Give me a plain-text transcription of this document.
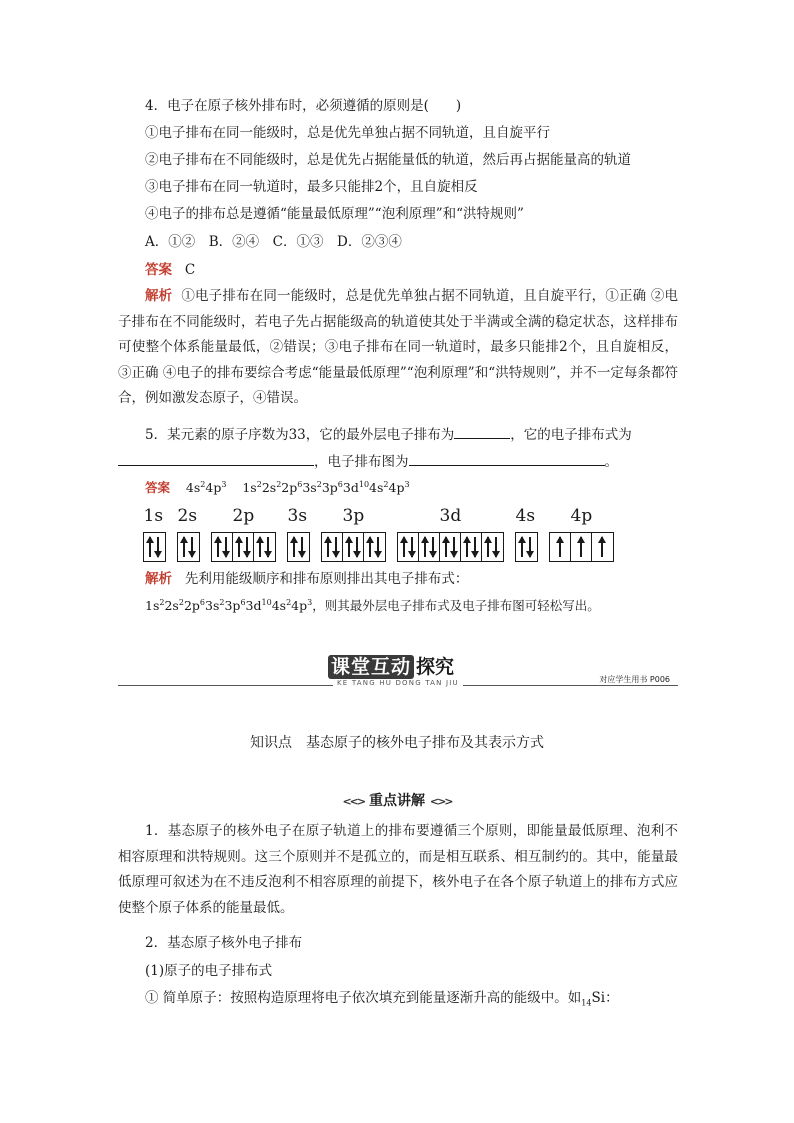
4．电子在原子核外排布时，必须遵循的原则是(　　)
①电子排布在同一能级时，总是优先单独占据不同轨道，且自旋平行
②电子排布在不同能级时，总是优先占据能量低的轨道，然后再占据能量高的轨道
③电子排布在同一轨道时，最多只能排2个，且自旋相反
④电子的排布总是遵循“能量最低原理”“泡利原理”和“洪特规则”
A．①②　B．②④　C．①③　D．②③④
答案 C
解析 ①电子排布在同一能级时，总是优先单独占据不同轨道，且自旋平行，①正确 ②电子排布在不同能级时，若电子先占据能级高的轨道使其处于半满或全满的稳定状态，这样排布可使整个体系能量最低，②错误；③电子排布在同一轨道时，最多只能排2个，且自旋相反，③正确 ④电子的排布要综合考虑“能量最低原理”“泡利原理”和“洪特规则”，并不一定每条都符合，例如激发态原子，④错误。
5．某元素的原子序数为33，它的最外层电子排布为	，它的电子排布式为
，电子排布图为	。
答案 $4s^24p^3$ $1s^22s^22p^63s^23p^63d^{10}4s^24p^3$
1s 2s 2p 3s 3p	3d	4s 4p
解析 先利用能级顺序和排布原则排出其电子排布式：
$1s^22s^22p^63s^23p^63d^{10}4s^24p^3$，则其最外层电子排布式及电子排布图可轻松写出。
课堂互动 探究
KE TANG HU DONG TAN JIU	对应学生用书 P006
知识点　基态原子的核外电子排布及其表示方式
<<> 重点讲解 <>>
1．基态原子的核外电子在原子轨道上的排布要遵循三个原则，即能量最低原理、泡利不相容原理和洪特规则。这三个原则并不是孤立的，而是相互联系、相互制约的。其中，能量最低原理可叙述为在不违反泡利不相容原理的前提下，核外电子在各个原子轨道上的排布方式应使整个原子体系的能量最低。
2．基态原子核外电子排布
(1)原子的电子排布式
① 简单原子：按照构造原理将电子依次填充到能量逐渐升高的能级中。如$_{14}$Si：
